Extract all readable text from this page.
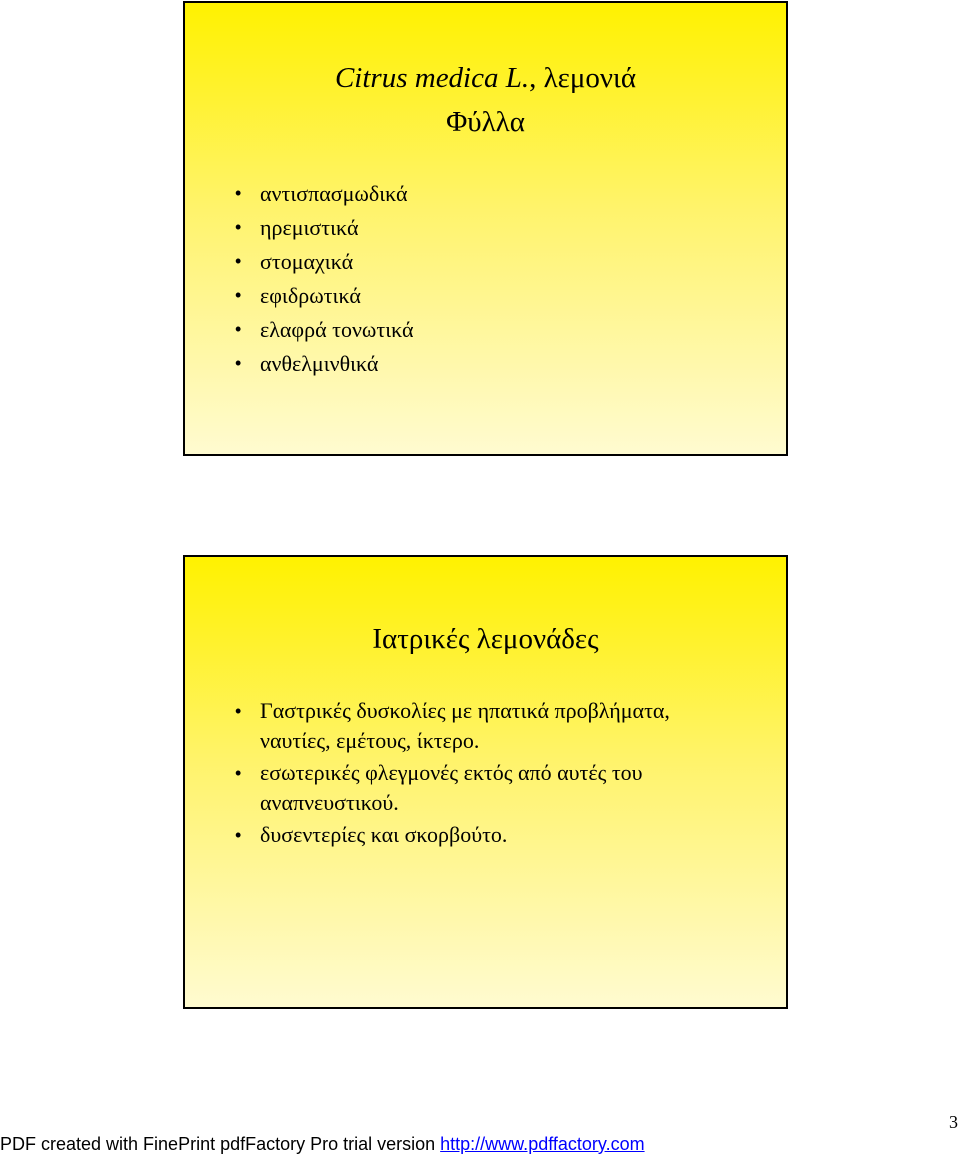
Citrus medica L., λεμονιά
Φύλλα
• αντισπασμωδικά
• ηρεμιστικά
• στομαχικά
• εφιδρωτικά
• ελαφρά τονωτικά
• ανθελμινθικά
Ιατρικές λεμονάδες
• Γαστρικές δυσκολίες με ηπατικά προβλήματα, ναυτίες, εμέτους, ίκτερο.
• εσωτερικές φλεγμονές εκτός από αυτές του αναπνευστικού.
• δυσεντερίες και σκορβούτο.
3
PDF created with FinePrint pdfFactory Pro trial version http://www.pdffactory.com
